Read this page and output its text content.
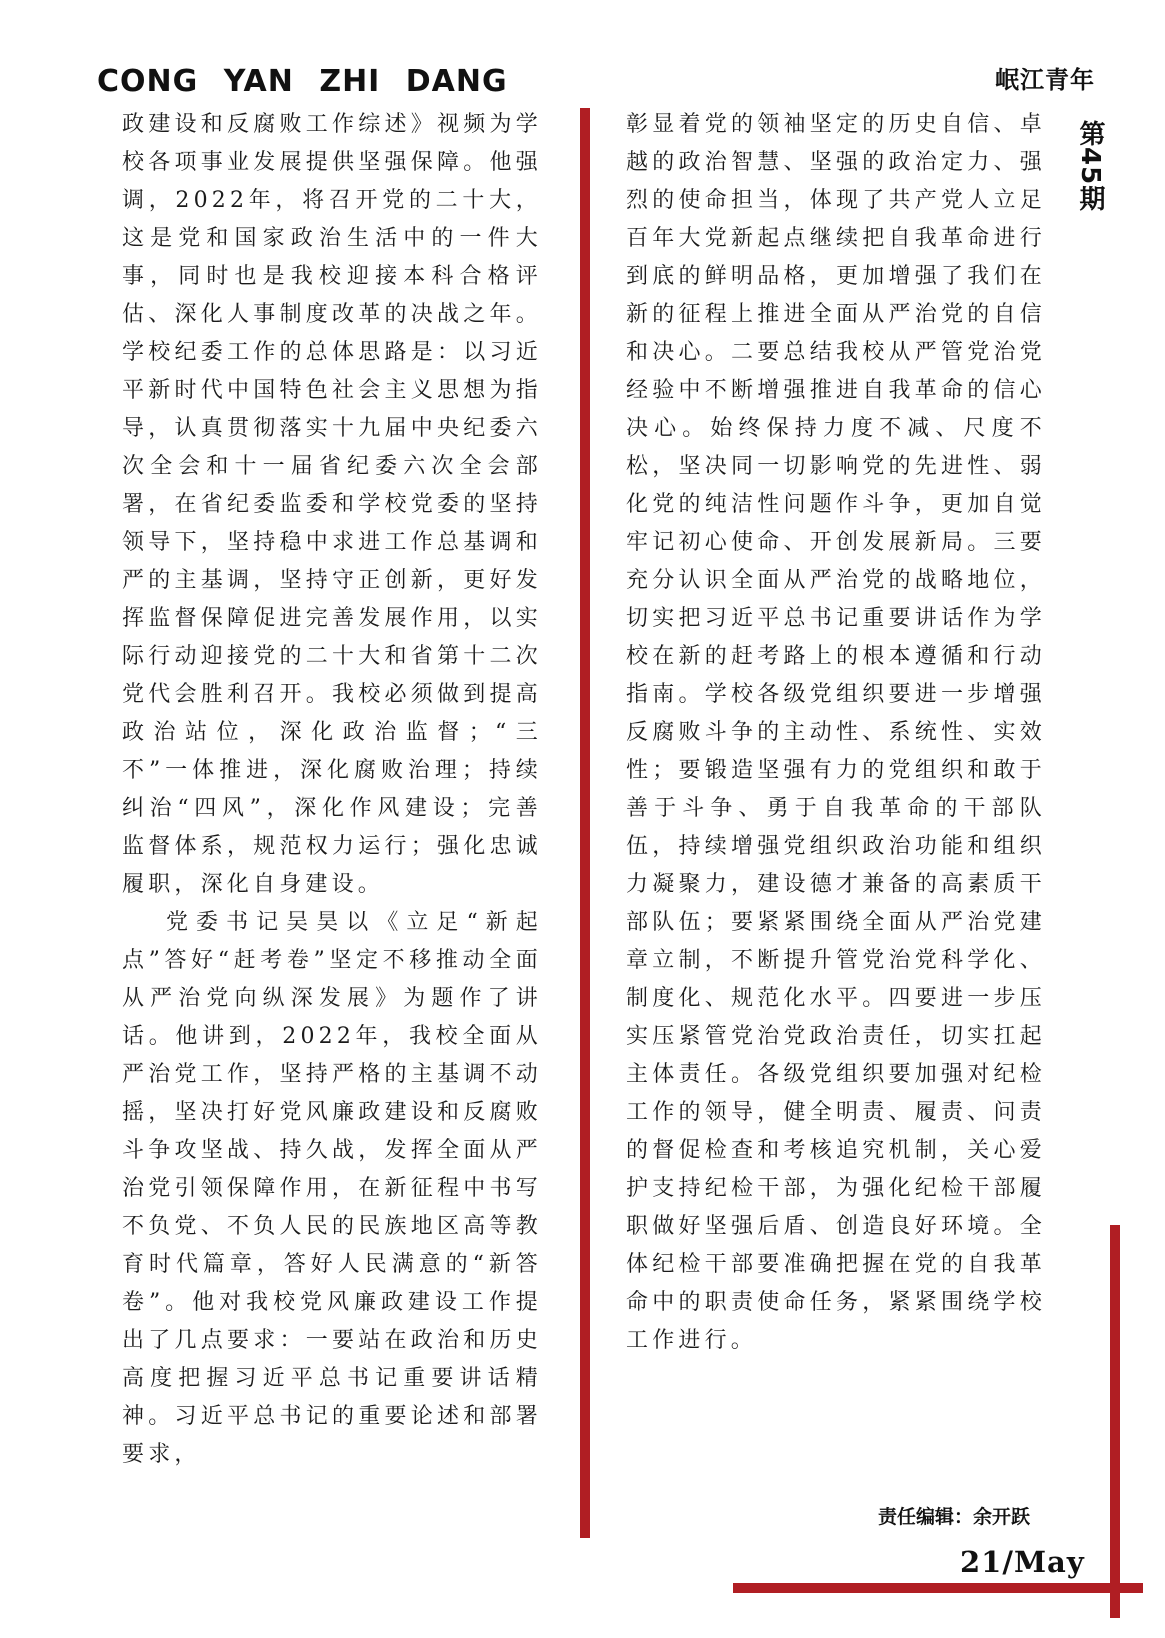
CONG YAN ZHI DANG	岷江青年
第45期

政建设和反腐败工作综述》视频为学校各项事业发展提供坚强保障。他强调，2022年，将召开党的二十大，这是党和国家政治生活中的一件大事，同时也是我校迎接本科合格评估、深化人事制度改革的决战之年。学校纪委工作的总体思路是：以习近平新时代中国特色社会主义思想为指导，认真贯彻落实十九届中央纪委六次全会和十一届省纪委六次全会部署，在省纪委监委和学校党委的坚持领导下，坚持稳中求进工作总基调和严的主基调，坚持守正创新，更好发挥监督保障促进完善发展作用，以实际行动迎接党的二十大和省第十二次党代会胜利召开。我校必须做到提高政治站位，深化政治监督；“三不”一体推进，深化腐败治理；持续纠治“四风”，深化作风建设；完善监督体系，规范权力运行；强化忠诚履职，深化自身建设。

党委书记吴昊以《立足“新起点”答好“赶考卷”坚定不移推动全面从严治党向纵深发展》为题作了讲话。他讲到，2022年，我校全面从严治党工作，坚持严格的主基调不动摇，坚决打好党风廉政建设和反腐败斗争攻坚战、持久战，发挥全面从严治党引领保障作用，在新征程中书写不负党、不负人民的民族地区高等教育时代篇章，答好人民满意的“新答卷”。他对我校党风廉政建设工作提出了几点要求：一要站在政治和历史高度把握习近平总书记重要讲话精神。习近平总书记的重要论述和部署要求，

彰显着党的领袖坚定的历史自信、卓越的政治智慧、坚强的政治定力、强烈的使命担当，体现了共产党人立足百年大党新起点继续把自我革命进行到底的鲜明品格，更加增强了我们在新的征程上推进全面从严治党的自信和决心。二要总结我校从严管党治党经验中不断增强推进自我革命的信心决心。始终保持力度不减、尺度不松，坚决同一切影响党的先进性、弱化党的纯洁性问题作斗争，更加自觉牢记初心使命、开创发展新局。三要充分认识全面从严治党的战略地位，切实把习近平总书记重要讲话作为学校在新的赶考路上的根本遵循和行动指南。学校各级党组织要进一步增强反腐败斗争的主动性、系统性、实效性；要锻造坚强有力的党组织和敢于善于斗争、勇于自我革命的干部队伍，持续增强党组织政治功能和组织力凝聚力，建设德才兼备的高素质干部队伍；要紧紧围绕全面从严治党建章立制，不断提升管党治党科学化、制度化、规范化水平。四要进一步压实压紧管党治党政治责任，切实扛起主体责任。各级党组织要加强对纪检工作的领导，健全明责、履责、问责的督促检查和考核追究机制，关心爱护支持纪检干部，为强化纪检干部履职做好坚强后盾、创造良好环境。全体纪检干部要准确把握在党的自我革命中的职责使命任务，紧紧围绕学校工作进行。

责任编辑：余开跃
21/May
